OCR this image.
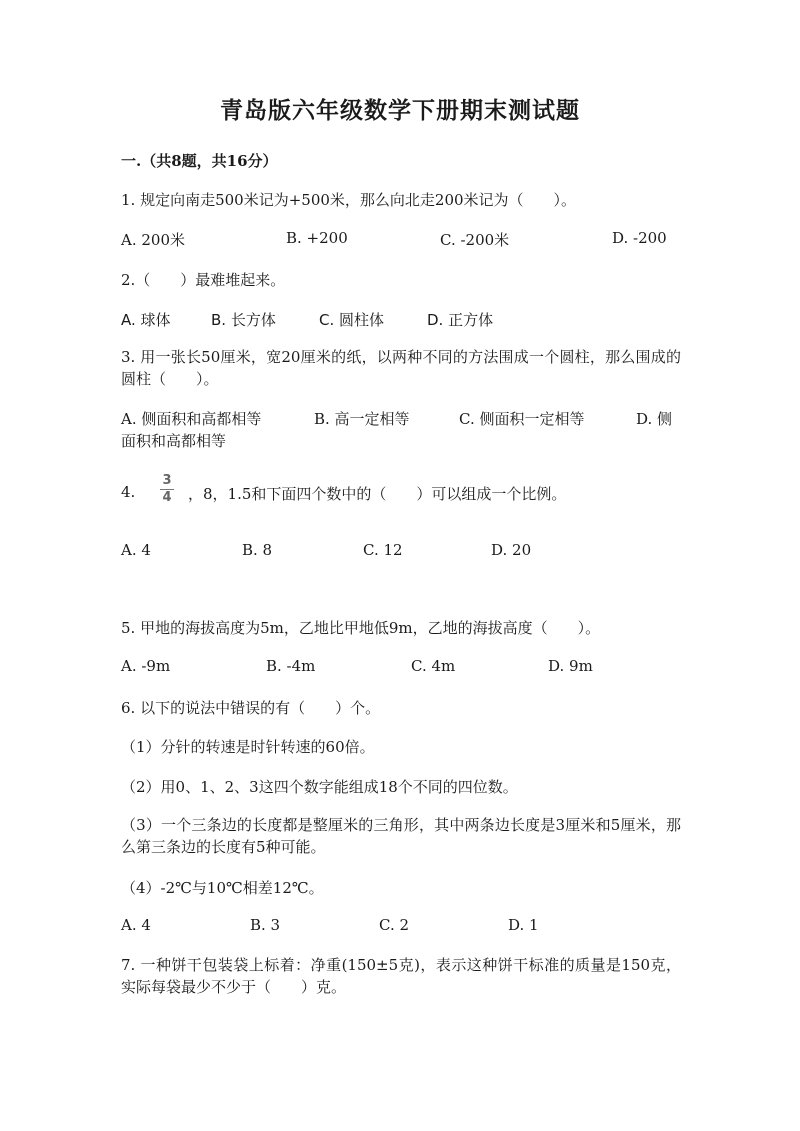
青岛版六年级数学下册期末测试题
一.（共8题，共16分）
1. 规定向南走500米记为+500米，那么向北走200米记为（　　）。
A. 200米	B. +200	C. -200米	D. -200
2.（　　）最难堆起来。
A. 球体	B. 长方体	C. 圆柱体	D. 正方体
3. 用一张长50厘米，宽20厘米的纸，以两种不同的方法围成一个圆柱，那么围成的圆柱（　　）。
A. 侧面积和高都相等	B. 高一定相等	C. 侧面积一定相等	D. 侧
面积和高都相等
4.
3
4 ，8，1.5和下面四个数中的（　　）可以组成一个比例。
A. 4	B. 8	C. 12	D. 20
5. 甲地的海拔高度为5m，乙地比甲地低9m，乙地的海拔高度（　　）。
A. -9m	B. -4m	C. 4m	D. 9m
6. 以下的说法中错误的有（　　）个。
（1）分针的转速是时针转速的60倍。
（2）用0、1、2、3这四个数字能组成18个不同的四位数。
（3）一个三条边的长度都是整厘米的三角形，其中两条边长度是3厘米和5厘米，那么第三条边的长度有5种可能。
（4）-2℃与10℃相差12℃。
A. 4	B. 3	C. 2	D. 1
7. 一种饼干包装袋上标着：净重(150±5克)，表示这种饼干标准的质量是150克，实际每袋最少不少于（　　）克。
